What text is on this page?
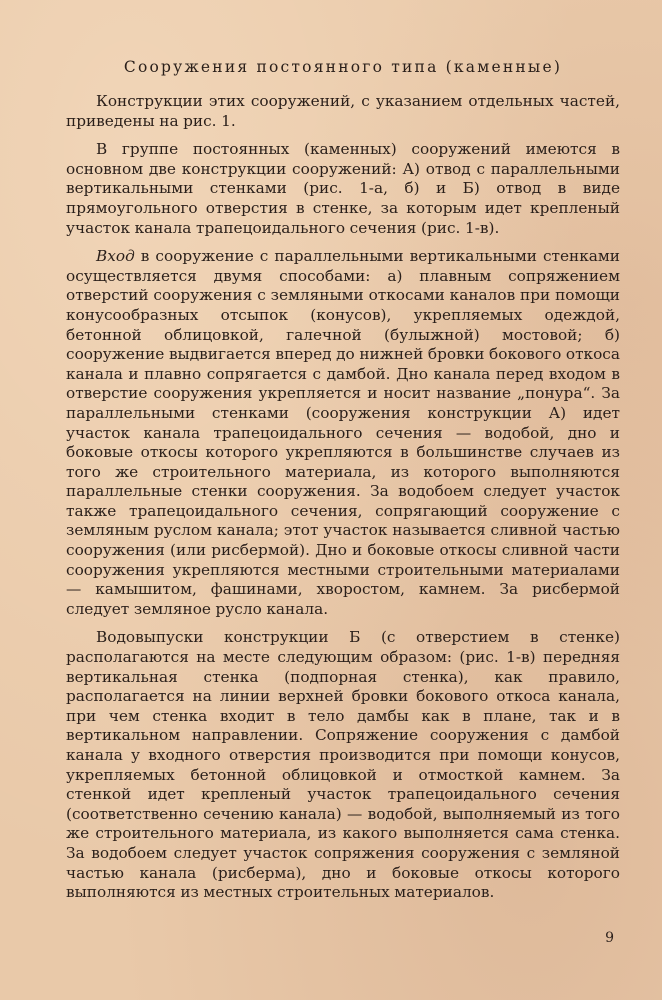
Сооружения постоянного типа (каменные)

Конструкции этих сооружений, с указанием отдельных частей, приведены на рис. 1.

В группе постоянных (каменных) сооружений имеются в основном две конструкции сооружений: А) отвод с параллельными вертикальными стенками (рис. 1-а, б) и Б) отвод в виде прямоугольного отверстия в стенке, за которым идет крепленый участок канала трапецоидального сечения (рис. 1-в).

Вход в сооружение с параллельными вертикальными стенками осуществляется двумя способами: а) плавным сопряжением отверстий сооружения с земляными откосами каналов при помощи конусообразных отсыпок (конусов), укрепляемых одеждой, бетонной облицовкой, галечной (булыжной) мостовой; б) сооружение выдвигается вперед до нижней бровки бокового откоса канала и плавно сопрягается с дамбой. Дно канала перед входом в отверстие сооружения укрепляется и носит название „понура“. За параллельными стенками (сооружения конструкции А) идет участок канала трапецоидального сечения — водобой, дно и боковые откосы которого укрепляются в большинстве случаев из того же строительного материала, из которого выполняются параллельные стенки сооружения. За водобоем следует участок также трапецоидального сечения, сопрягающий сооружение с земляным руслом канала; этот участок называется сливной частью сооружения (или рисбермой). Дно и боковые откосы сливной части сооружения укрепляются местными строительными материалами — камышитом, фашинами, хворостом, камнем. За рисбермой следует земляное русло канала.

Водовыпуски конструкции Б (с отверстием в стенке) располагаются на месте следующим образом: (рис. 1-в) передняя вертикальная стенка (подпорная стенка), как правило, располагается на линии верхней бровки бокового откоса канала, при чем стенка входит в тело дамбы как в плане, так и в вертикальном направлении. Сопряжение сооружения с дамбой канала у входного отверстия производится при помощи конусов, укрепляемых бетонной облицовкой и отмосткой камнем. За стенкой идет крепленый участок трапецоидального сечения (соответственно сечению канала) — водобой, выполняемый из того же строительного материала, из какого выполняется сама стенка. За водобоем следует участок сопряжения сооружения с земляной частью канала (рисберма), дно и боковые откосы которого выполняются из местных строительных материалов.

9
